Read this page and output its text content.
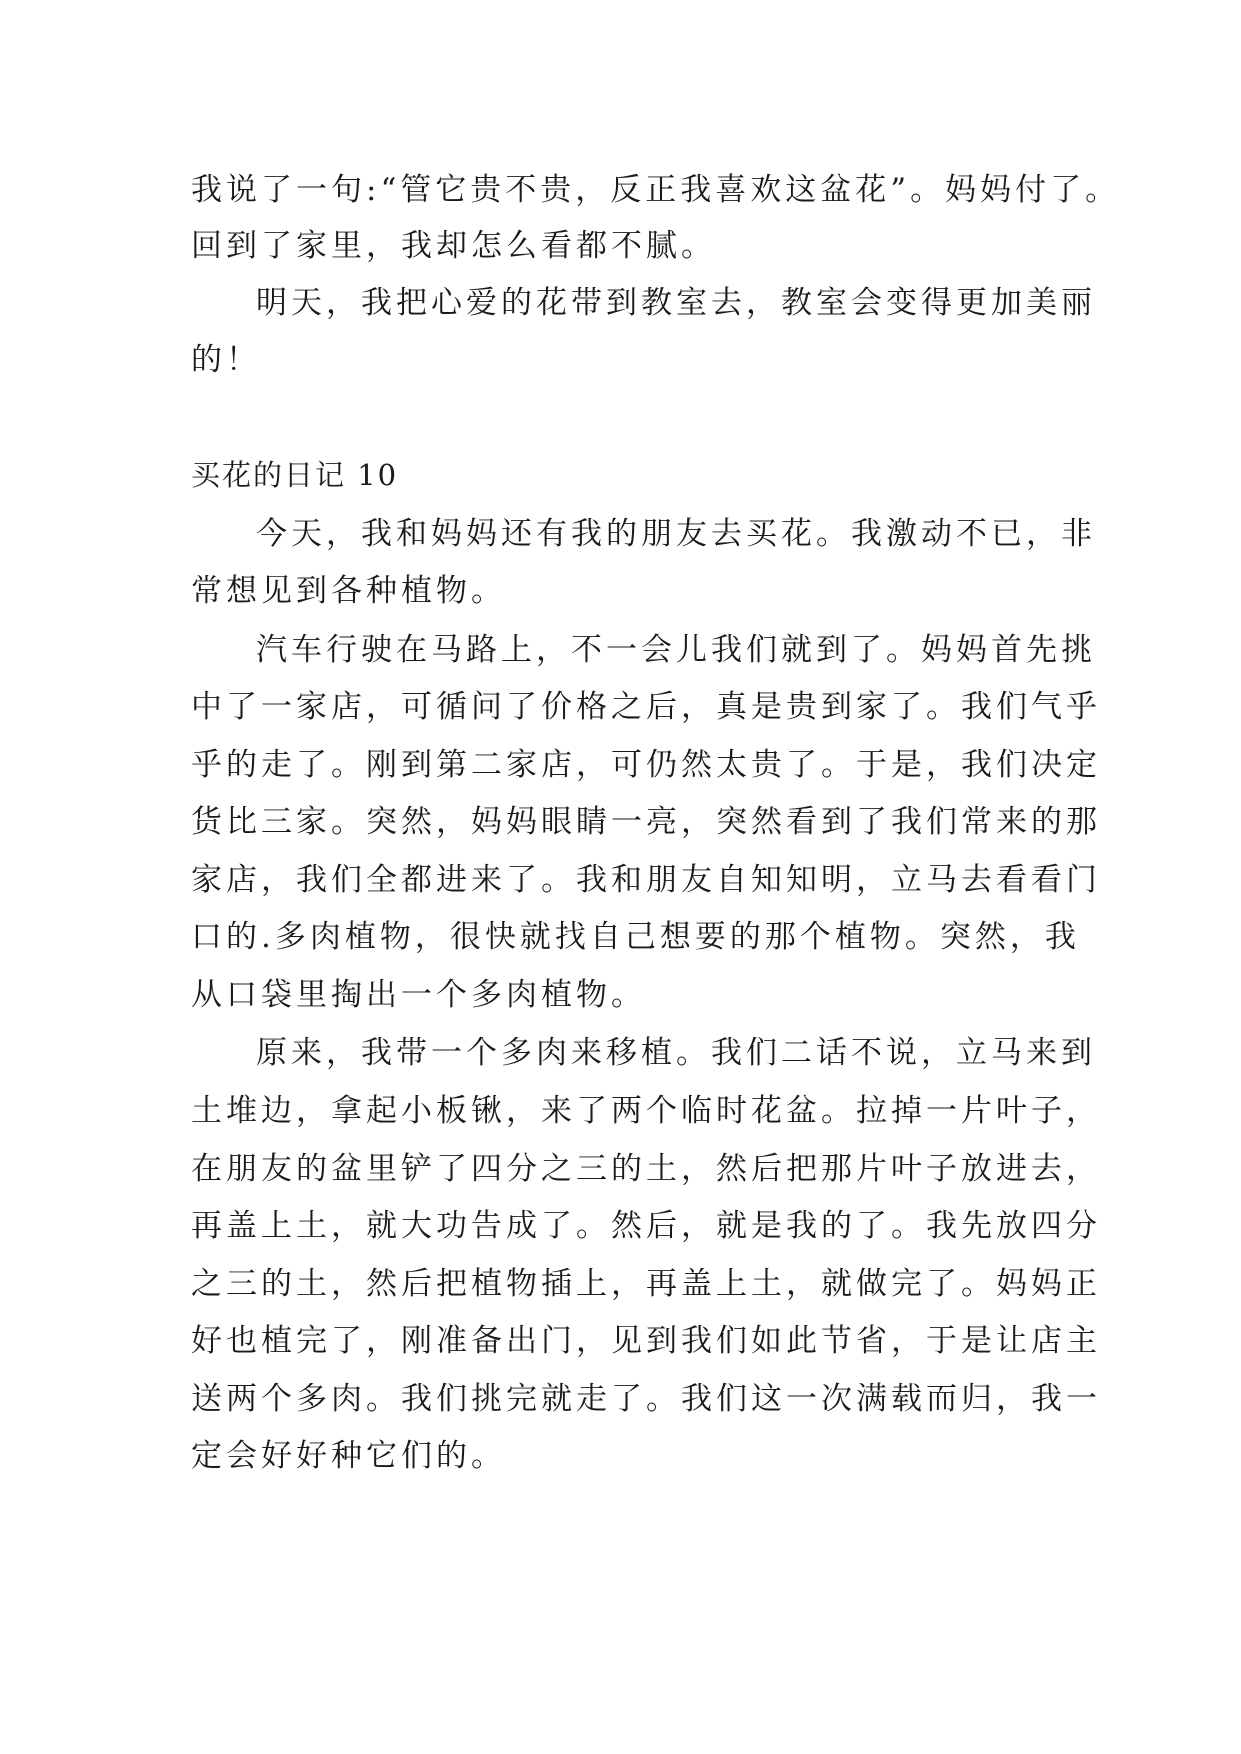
我说了一句:“管它贵不贵，反正我喜欢这盆花”。妈妈付了。
回到了家里，我却怎么看都不腻。
明天，我把心爱的花带到教室去，教室会变得更加美丽
的！
买花的日记 10
今天，我和妈妈还有我的朋友去买花。我激动不已，非
常想见到各种植物。
汽车行驶在马路上，不一会儿我们就到了。妈妈首先挑
中了一家店，可循问了价格之后，真是贵到家了。我们气乎
乎的走了。刚到第二家店，可仍然太贵了。于是，我们决定
货比三家。突然，妈妈眼睛一亮，突然看到了我们常来的那
家店，我们全都进来了。我和朋友自知知明，立马去看看门
口的.多肉植物，很快就找自己想要的那个植物。突然，我
从口袋里掏出一个多肉植物。
原来，我带一个多肉来移植。我们二话不说，立马来到
土堆边，拿起小板锹，来了两个临时花盆。拉掉一片叶子，
在朋友的盆里铲了四分之三的土，然后把那片叶子放进去，
再盖上土，就大功告成了。然后，就是我的了。我先放四分
之三的土，然后把植物插上，再盖上土，就做完了。妈妈正
好也植完了，刚准备出门，见到我们如此节省，于是让店主
送两个多肉。我们挑完就走了。我们这一次满载而归，我一
定会好好种它们的。
